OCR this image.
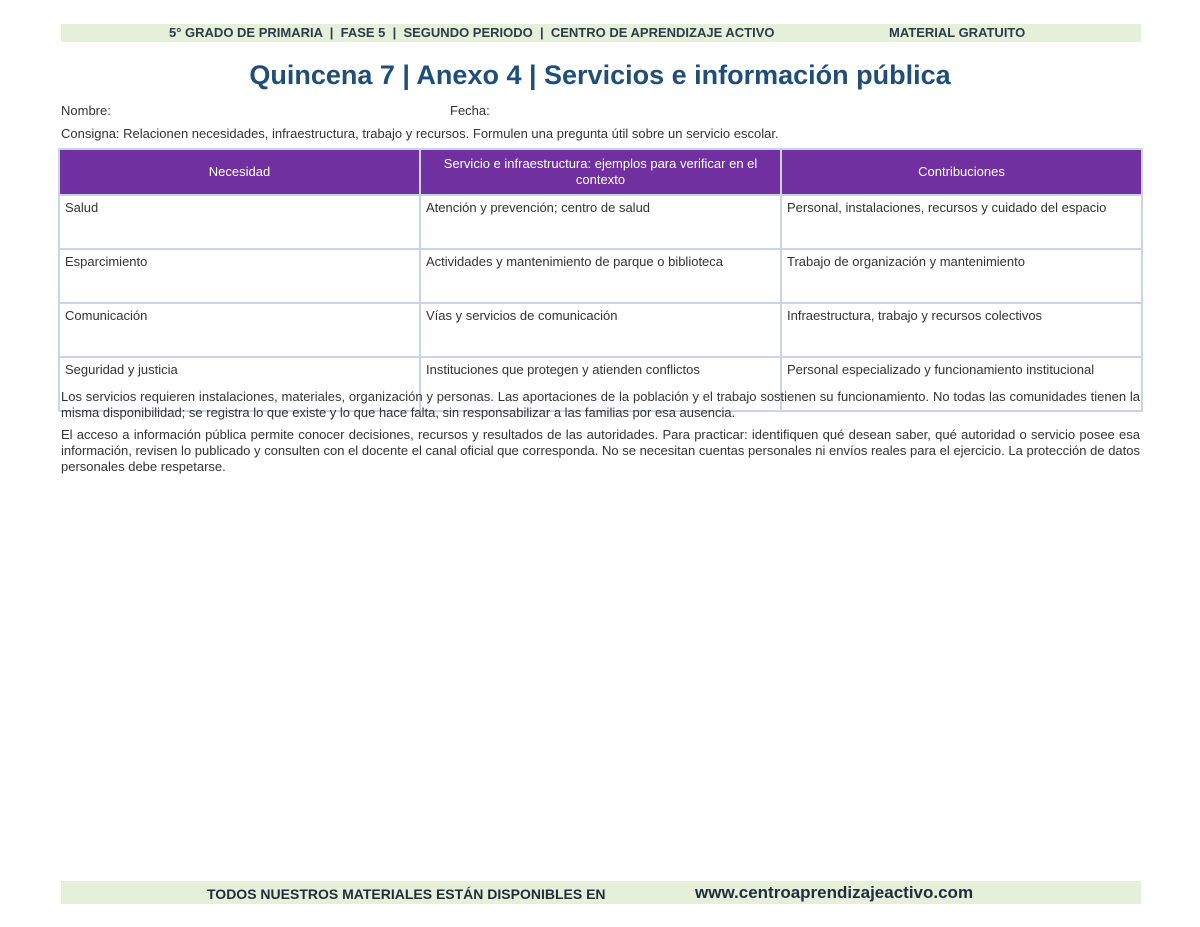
5° GRADO DE PRIMARIA  |  FASE 5  |  SEGUNDO PERIODO  |  CENTRO DE APRENDIZAJE ACTIVO	MATERIAL GRATUITO
Quincena 7 | Anexo 4 | Servicios e información pública
Nombre:	Fecha:
Consigna: Relacionen necesidades, infraestructura, trabajo y recursos. Formulen una pregunta útil sobre un servicio escolar.
Necesidad	Servicio e infraestructura: ejemplos para verificar en el contexto	Contribuciones
Salud	Atención y prevención; centro de salud	Personal, instalaciones, recursos y cuidado del espacio
Esparcimiento	Actividades y mantenimiento de parque o biblioteca	Trabajo de organización y mantenimiento
Comunicación	Vías y servicios de comunicación	Infraestructura, trabajo y recursos colectivos
Seguridad y justicia	Instituciones que protegen y atienden conflictos	Personal especializado y funcionamiento institucional

Los servicios requieren instalaciones, materiales, organización y personas. Las aportaciones de la población y el trabajo sostienen su funcionamiento. No todas las comunidades tienen la misma disponibilidad; se registra lo que existe y lo que hace falta, sin responsabilizar a las familias por esa ausencia.

El acceso a información pública permite conocer decisiones, recursos y resultados de las autoridades. Para practicar: identifiquen qué desean saber, qué autoridad o servicio posee esa información, revisen lo publicado y consulten con el docente el canal oficial que corresponda. No se necesitan cuentas personales ni envíos reales para el ejercicio. La protección de datos personales debe respetarse.

TODOS NUESTROS MATERIALES ESTÁN DISPONIBLES EN	www.centroaprendizajeactivo.com
